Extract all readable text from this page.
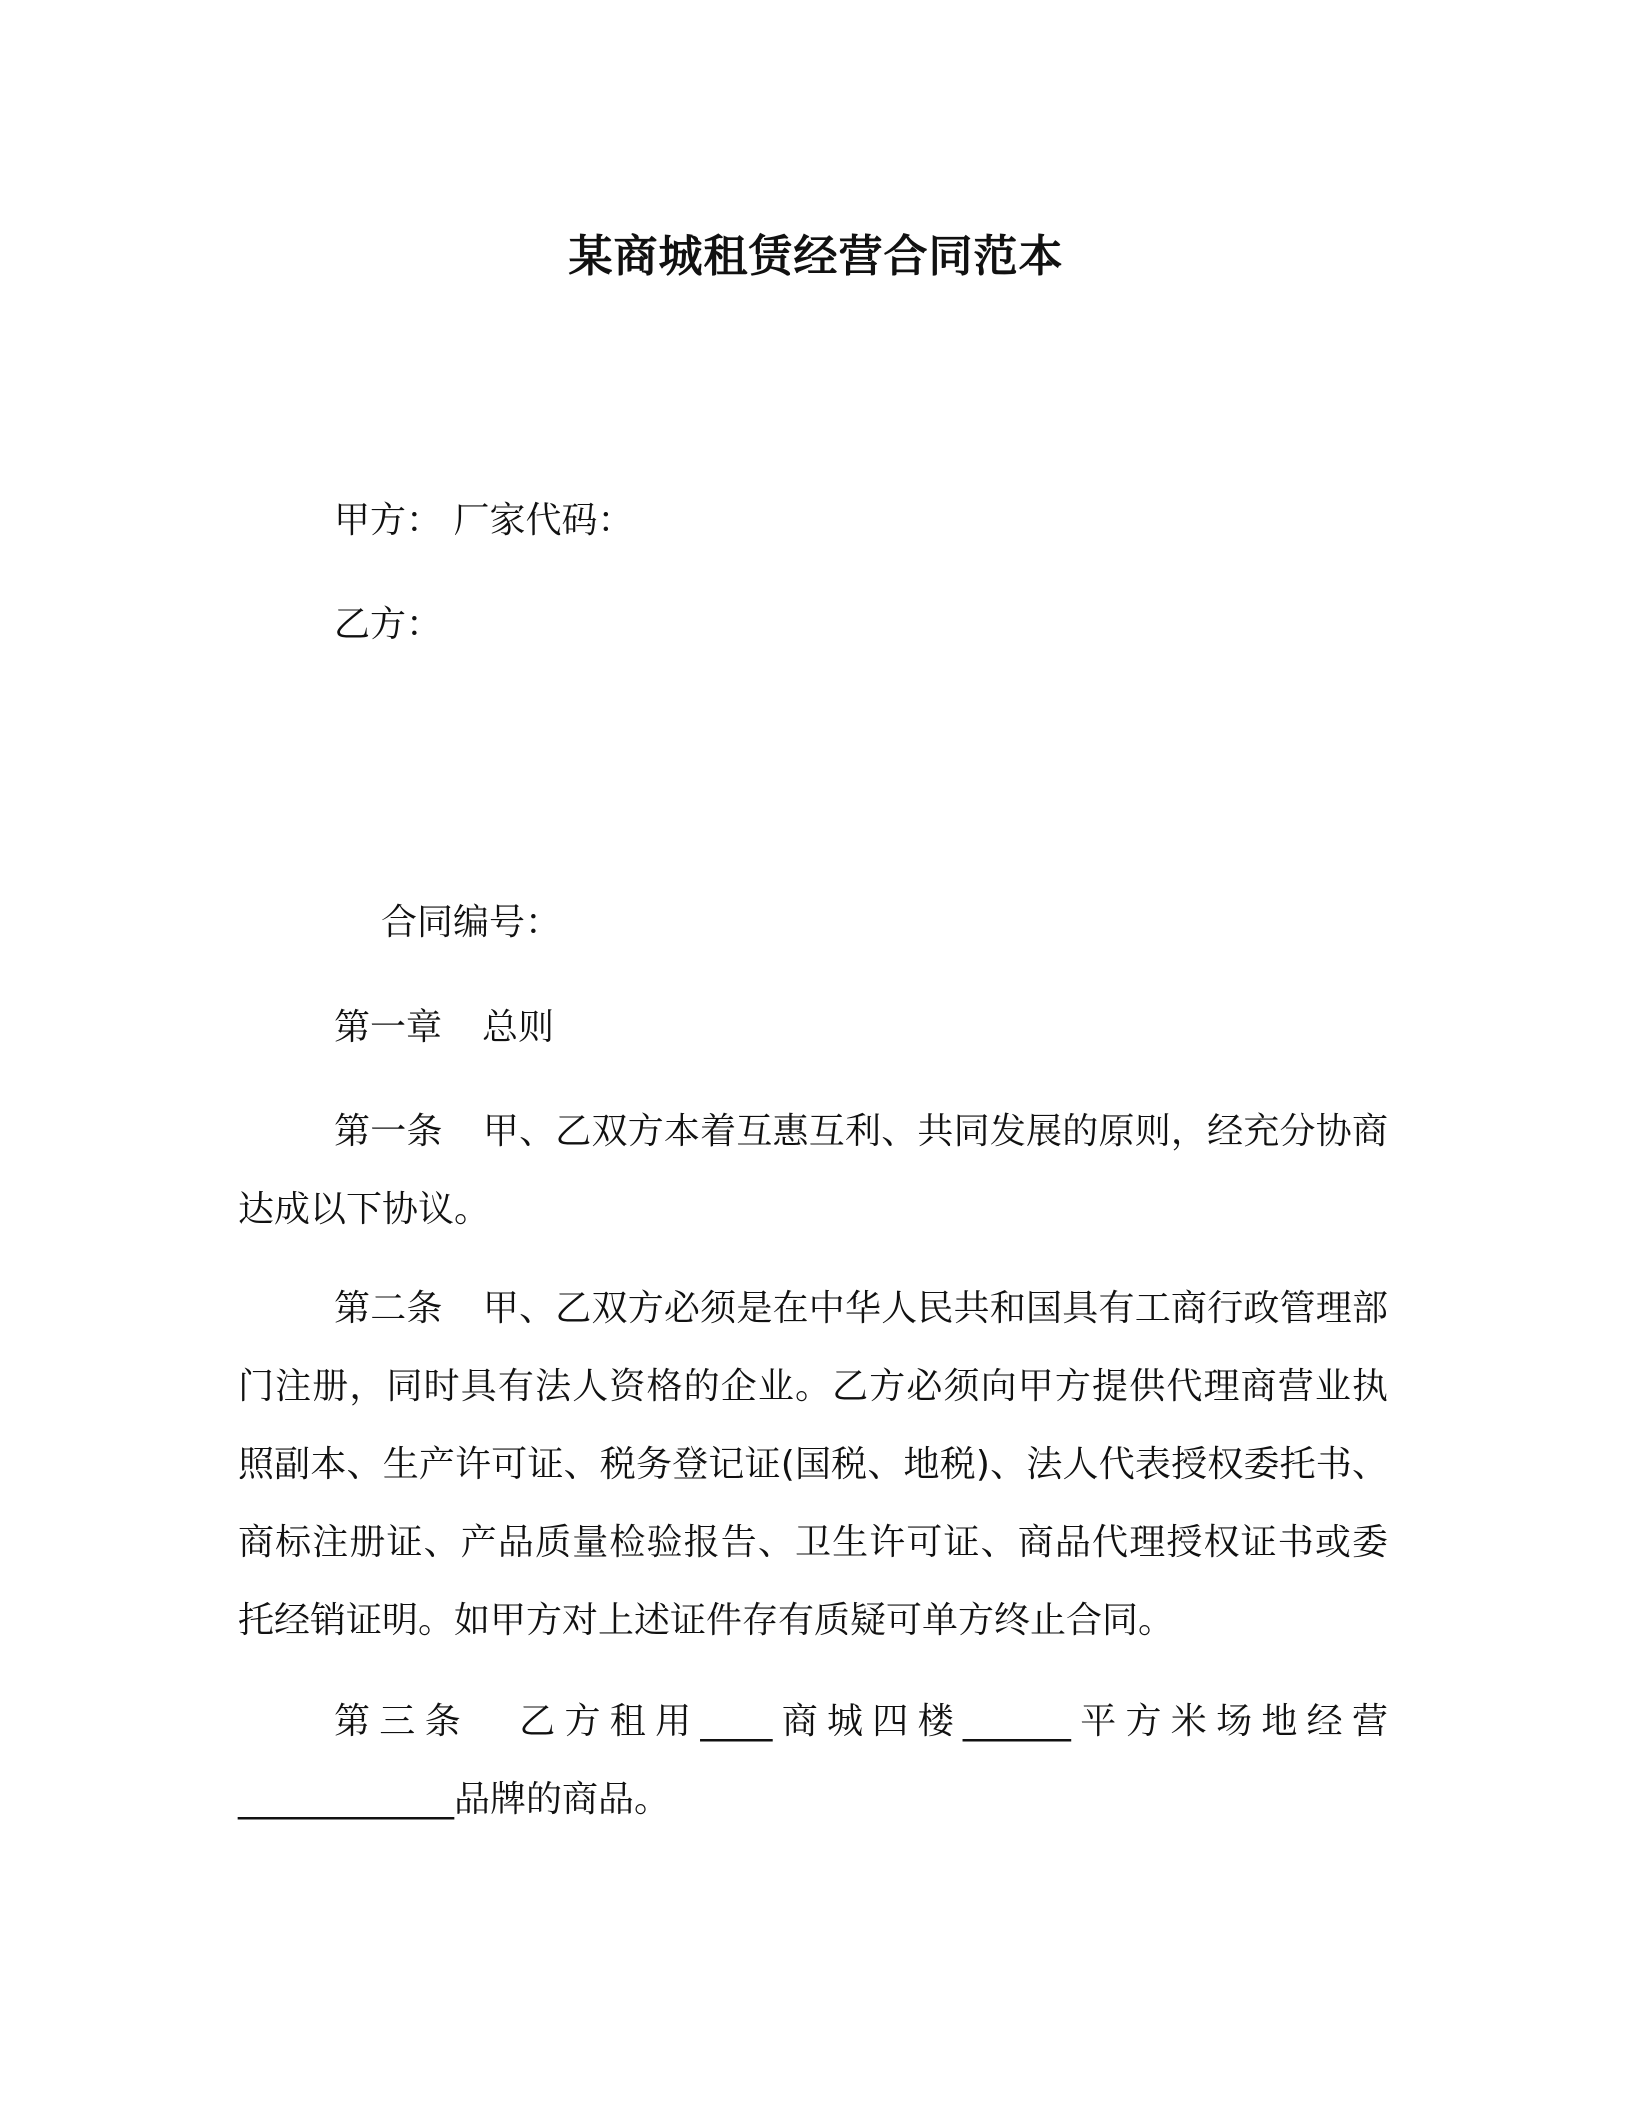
某商城租赁经营合同范本
甲方： 厂家代码：
乙方：
合同编号：
第一章 总则

第一条 甲、乙双方本着互惠互利、共同发展的原则，经充分协商达成以下协议。

第二条 甲、乙双方必须是在中华人民共和国具有工商行政管理部门注册，同时具有法人资格的企业。乙方必须向甲方提供代理商营业执照副本、生产许可证、税务登记证(国税、地税)、法人代表授权委托书、商标注册证、产品质量检验报告、卫生许可证、商品代理授权证书或委托经销证明。如甲方对上述证件存有质疑可单方终止合同。

第三条 乙方租用____商城四楼______平方米场地经营____________品牌的商品。
